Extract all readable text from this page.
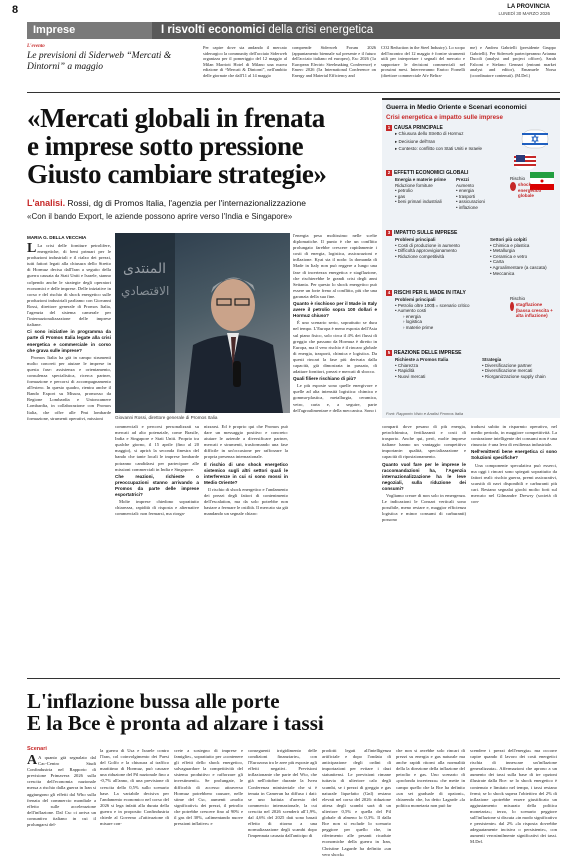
8	LA PROVINCIA
LUNEDÌ 30 MARZO 2026
Imprese	I risvolti economici della crisi energetica
L'evento
Le previsioni di Siderweb “Mercati & Dintorni” a maggio
Per capire dove sta andando il mercato siderurgico la community dell'acciaio Siderweb organizza per il pomeriggio del 12 maggio al Milan Marriott Hotel di Milano una nuova edizione di “Mercati & Dintorni”, nell'ambito delle giornate che dall'11 al 14 maggio
comprende Siderweb Forum 2026 (appuntamento biennale sul presente e il futuro dell'acciaio italiano ed europeo), Esc 2026 (1a European Electric Steelmaking Conference) e Emerc 2026 (5a International Conference on Energy and Material Efficiency and
CO2 Reduction in the Steel Industry). Lo scopo dell'incontro del 12 maggio è fornire strumenti utili per interpretare i segnali del mercato e supportare le decisioni commerciali nel prossimi mesi. Interverranno Enrico Fornelli (direttore commerciale Afv Beltra-
me) e Andrea Gabrielli (presidente Gruppo Gabrielli). Per Siderweb parteciperanno Arianna Ducoli (analyst and project officer), Sarah Falconi e Stefano Gennari (entrant market analyst and editor), Emanuele Norsa (coordinatore contenuti). (M.Del.)
«Mercati globali in frenata
e imprese sotto pressione
Giusto cambiare strategie»
L'analisi. Rossi, dg di Promos Italia, l'agenzia per l'internazionalizzazione
«Con il bando Export, le aziende possono aprire verso l'India e Singapore»
MARIA G. DELLA VECCHIA

L La crisi delle forniture petrolifere, energetiche, di beni primari per le produzioni industriali e il rialzo dei prezzi, tutti fattori legati alla chiusura dello Stretto di Hormuz decisa dall'Iran a seguito della guerra causata da Stati Uniti e Israele, stanno colpendo anche le strategie degli operatori economici e delle imprese. Delle iniziative in corso e del rischio di shock energetico sulle produzioni industriali parliamo con Giovanni Rossi, direttore generale di Promos Italia, l'agenzia del sistema camerale per l'internazionalizzazione delle imprese italiane.

Ci sono iniziative in programma da parte di Promos Italia legate alla crisi energetica e commerciale in corso che grava sulle imprese?

Promos Italia ha già in campo strumenti molto concreti per aiutare le imprese in questa fase: assistenza e orientamento, consulenza specialistica, ricerca partner, formazione e percorsi di accompagnamento all'estero. In questo quadro, rientra anche il Bando Export su Misura, promosso da Regione Lombardia e Unioncamere Lombardia, in collaborazione con Promos Italia, che offre alle Pmi lombarde formazione, strumenti operativi, missioni

المنتدى
الاقتصادي
Giovanni Rossi, direttore generale di Promos Italia

commerciali e percorsi personalizzati su mercati ad alto potenziale, come Brasile, India e Singapore e Stati Uniti. Proprio tra qualche giorno, il 15 aprile (fino al 20 maggio), si aprirà la seconda finestra del bando che tante locali le imprese lombarde potranno candidarsi per partecipare alle missioni commerciali in India e Singapore.

Che reazioni, richieste o preoccupazioni stanno arrivando a Promos da parte delle imprese esportatrici?

Molte imprese chiedono soprattutto chiarezza, rapidità di risposta e alternative commerciali: non fermarsi, ma riorga-

nizzarsi. Ed è proprio qui che Promos può dare un messaggio positivo e concreto: aiutare le aziende a diversificare partner, mercati e strumenti, trasformando una fase difficile in un'occasione per rafforzare la propria presenza internazionale.

Il rischio di uno shock energetico sistemico sugli altri settori quali le interferenze in cui si sono mossi in Medio Oriente?

Il rischio di shock energetico e l'andamento dei prezzi degli fattori di contenimento dell'escalation, ma da solo potrebbe non bastare a fermare le ostilità. Il mercato sta già mandando un segnale chiaro:

l'energia pesa moltissimo nelle scelte diplomatiche. Il punto è che un conflitto prolungato farebbe crescere rapidamente i costi di energia, logistica, assicurazioni e inflazione. Kyai sta il nodo: la domanda di Made in Italy non può reggere a lungo una fase di incertezza energetica e stagflazione, che rischierebbe le grandi crisi degli anni Settanta. Per questo lo shock energetico può essere un forte freno al conflitto, più che una garanzia della sua fine.

Quanto è rischioso per il Made in Italy avere il petrolio sopra 100 dollari e Hormuz chiuso?

È uno scenario serio, soprattutto se dura nel tempo. L'Europa è meno esposta dell'Asia sul piano fisico, solo circa il 4% dei flussi di greggio che passano da Hormuz è diretto in Europa, ma il vero rischio è il rincaro globale di energia, trasporti, chimica e logistica. Da questi rincari la fase più derivata dalla capacità, già dimostrata in passato, di adattare fornitori, prezzi e mercati di sbocco.

Quali filiere rischiano di più?

Le più esposte sono quelle energivore e quelle ad alta intensità logistica: chimica e gomma-plastica, metallurgia, ceramica, vetro, carta e, a seguire, parte dell'agroalimentare e della meccanica. Sono i

comparti dove pesano di più energia, petrolchimica, fertilizzanti e costi di trasporto. Anche qui, però, molte imprese italiane hanno un vantaggio competitivo importante: qualità, specializzazione e capacità di riposizionamento.

Quanto vuol fare per le imprese le raccomandazioni ha, l'Agenzia internazionalizzazione ha le leve negoziali, sulla riduzione dei consumi?

Vogliamo creare di non solo in emergenza. Le indicazioni le Consart verticali sono possibile, meno restare e, maggior efficienza logistica e minor consumi di carburanti) possono

tradursi subito in risparmio operativo, nel medio periodo, in maggiore competitività. La contrazione intelligente dei consumi non è una rinuncia: è una leva di resilienza industriale.

Nell'emittenti bene energetica ci sono Soluzioni specifiche?

Una componente speculativa può esserci, ma oggi i rincari sono spiegati soprattutto da fattori reali: rischio guerra, premi assicurativi, scarsità di navi disponibili e carburanti più cari. Restano segnalai giochi molto forti sul mercato nel Gilmandre Drewry (società di con-

Guerra in Medio Oriente e Scenari economici
Crisi energetica e impatto sulle imprese
1 CAUSA PRINCIPALE
▸ Chiusura dello Stretto di Hormuz
▸ Decisione dell'Iran
▸ Contesto: conflitto con Stati Uniti e Israele
2 EFFETTI ECONOMICI GLOBALI
Energia e materie prime
Riduzione forniture
• petrolio
• gas
• beni primari industriali
Prezzi
Aumento
• energia
• trasporti
• assicurazioni
• inflazione
Rischio
shock energetico globale
3 IMPATTO SULLE IMPRESE
Problemi principali
• Costi di produzione in aumento
• Difficoltà approvvigionamento
• Riduzione competitività
Settori più colpiti
• Chimica e plastica
• Metallurgia
• Ceramica e vetro
• Carta
• Agroalimentare (a cascata)
• Meccanica
4 RISCHI PER IL MADE IN ITALY
Problemi principali
• Petrolio oltre 100$ = scenario critico
• Aumento costi
› energia
› logistica
› materie prime
Rischio
stagflazione (bassa crescita + alta inflazione)
5 REAZIONE DELLE IMPRESE
Richieste a Promos Italia
• Chiarezza
• Rapidità
• Nuovi mercati
Strategia
• Diversificazione partner
• Diversificazione mercati
• Riorganizzazione supply chain
Font: Rapporto Visto e Analisi Promos Italia
L'inflazione bussa alle porte
E la Bce è pronta ad alzare i tassi
Scenari

A A quanto già segnalato dal Cac-Centro Studi Confindustria nel Rapporto di previsione Primavera 2026 sulla crescita dell'economia nazionale messa a rischio dalla guerra in Iran si aggiungono gli effetti dal Who sulla frenata del commercio mondiale a effetto sulle accelerazione dell'inflazione. Dal Csc ci arriva un consuntivo italiano in cui il prolungarsi del-

la guerra di Usa e Israele contro l'Iran, col coinvolgimento dei Paesi del Golfo e la chiusura al traffico marittimo di Hormuz, può causare una riduzione del Pil nazionale fino a -0,7% all'anno, di una previsione di crescita dello 0,5% sullo scenario base. La variabile decisiva per l'andamento economico nel corso del 2026 si lega infatti alla durata della guerra e in proposito Confindustria chiede al Governo «l'attivazione di misure con-
crete a sostegno di imprese e famiglie», soprattutto per «contenere gli effetti dello shock energetico, salvaguardare la competitività del sistema produttivo e rafforzare gli investimenti». Se prolungate, le difficoltà di accesso attraverso Hormuz potrebbero causare, nelle stime del Csc, aumenti «molto significativi» dei prezzi, il petrolio che potrebbe crescere fino al 90% e il gas del 30%, «alimentando nuove pressioni inflative» e
conseguenti irrigidimento delle condizioni finanziarie», con l'Eurozona tra le aree più esposte agli effetti negativi. Previsioni inflazionante che parte del Wto, che già nell'ottobre durante la Ivrea Conferenza ministeriale che si è tenuta in Camerun ha diffuso i dati: se uno battuta d'arresto del commercio internazionale, la cui crescita nel 2026 scenderà all'1,9%, dal 4,6% del 2025 dati sono basati effetto di ritorno a una normalizzazione degli scambi dopo l'impennata causata dall'anticipo di
prodotti legati all'intelligenza artificiale e dopo l'ondata di anticipazione degli ordini di importazioni per evitare i dazi statunitensi. Le previsioni rimane tuttavia di ulteriore calo degli scambi, se i prezzi di greggio e gas naturale liquefatto (Gnl) restano elevati nel corso del 2026: riduzione attesa degli scambi sarà di un ulteriore 0,5% e quella del Pil globale di almeno lo 0,3%. Il dalla Bce non si esclude lo scenario peggiore per quello che, in riferimento alle pesanti ricadute economiche della guerra in Iran, Christine Lagarde ha definito «un vero shock»
che non si avrebbe solo rincari di prezzi su energia e gas naturale ma anche rapidi ritorni alla normalità della la direzione della inflazione del petrolio e gas. Uno scenario di «profonda incertezza» che mette in campo quello che la Bce ha definito «un set graduale di opzioni», chiarendo che, ha detto Lagarde «la politica monetaria non può far
scendere i prezzi dell'energia» ma occorre capire quando il lavoro dei costi energetici rischia di innescare un'inflazione generalizzata». Affermazioni che aprono a un aumento dei tassi sulla base di tre opzioni illustrate dalla Bce: se lo shock energetico è contenuto e limitato nel tempo, i tassi restano fermi; se lo shock supera l'obiettivo del 2% di inflazione «potrebbe essere giustificato un aggiustamento misurato della politica monetaria»; terzo, lo scenario peggiore sull'inflazione si discuta «in modo significativo e persistente» dal 2% «la risposta dovrebbe adeguatamente incisiva o persistente», con aumenti verosimilmente significativi dei tassi. M.Del.
